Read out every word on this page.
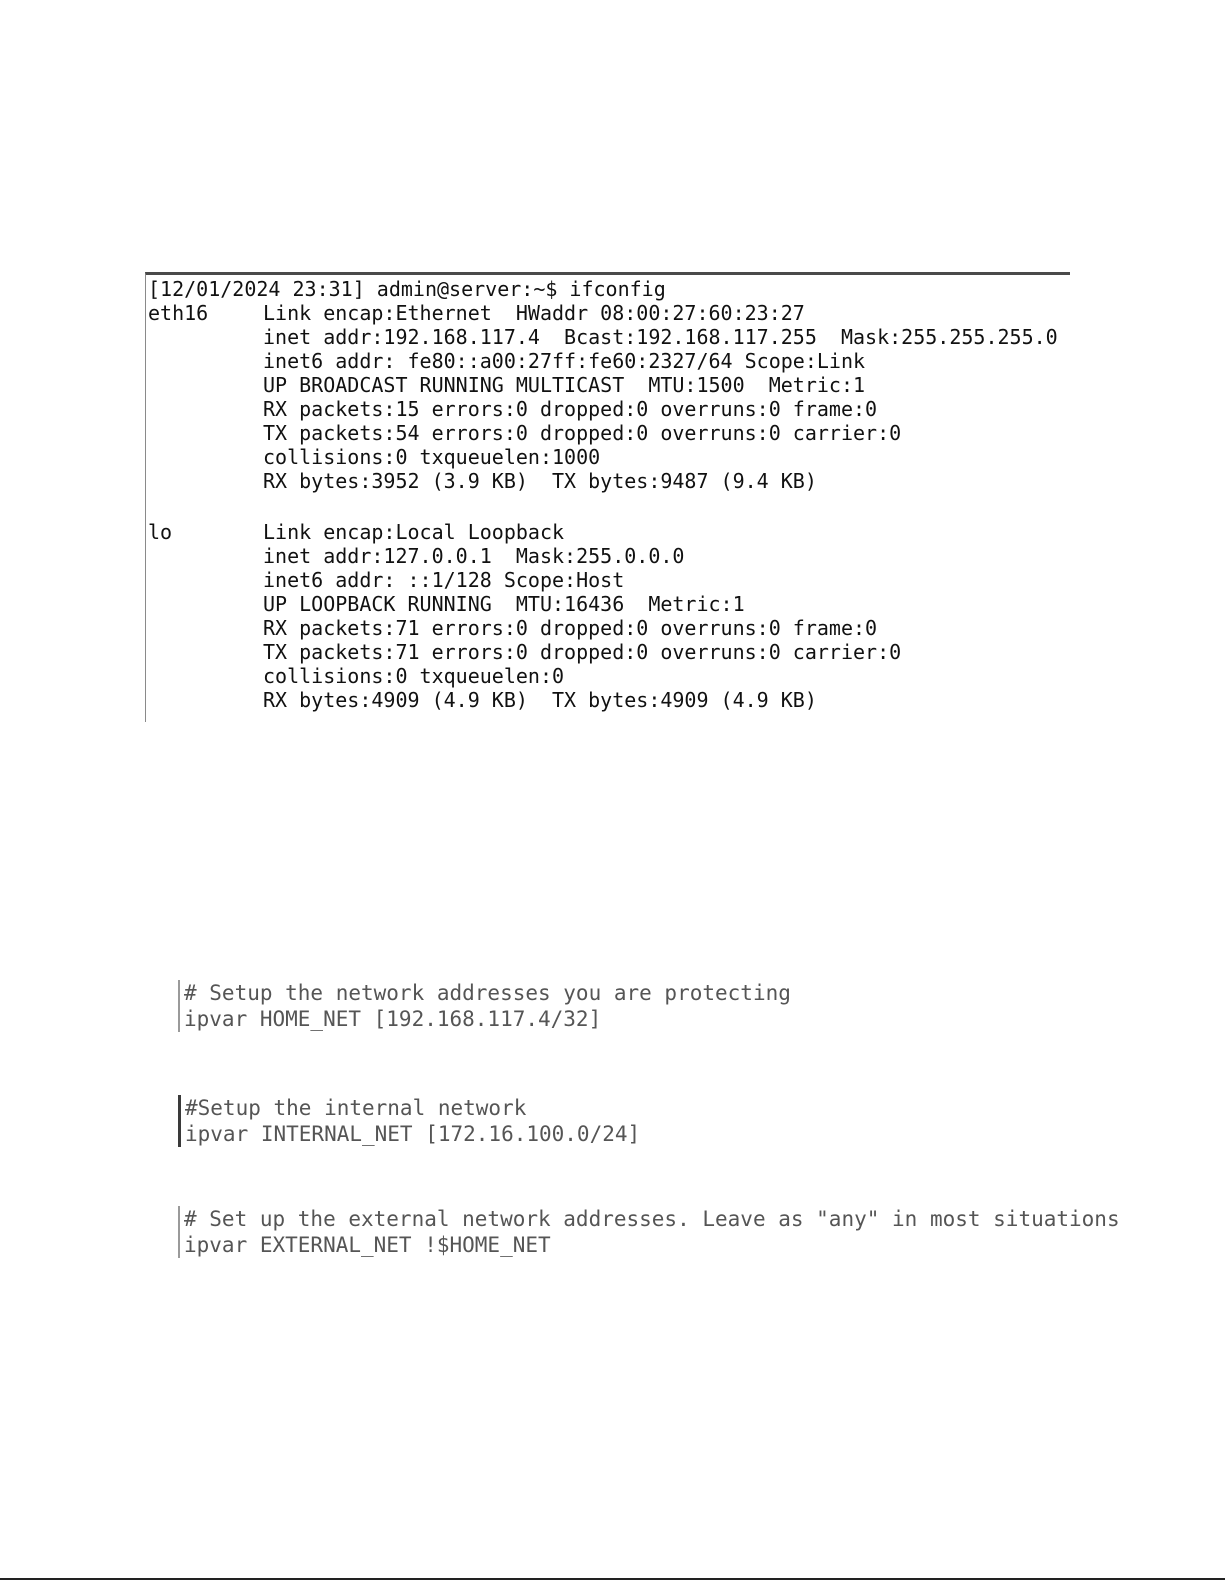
[12/01/2024 23:31] admin@server:~$ ifconfig
eth16	Link encap:Ethernet  HWaddr 08:00:27:60:23:27
inet addr:192.168.117.4  Bcast:192.168.117.255  Mask:255.255.255.0
inet6 addr: fe80::a00:27ff:fe60:2327/64 Scope:Link
UP BROADCAST RUNNING MULTICAST  MTU:1500  Metric:1
RX packets:15 errors:0 dropped:0 overruns:0 frame:0
TX packets:54 errors:0 dropped:0 overruns:0 carrier:0
collisions:0 txqueuelen:1000
RX bytes:3952 (3.9 KB)  TX bytes:9487 (9.4 KB)
lo	Link encap:Local Loopback
inet addr:127.0.0.1  Mask:255.0.0.0
inet6 addr: ::1/128 Scope:Host
UP LOOPBACK RUNNING  MTU:16436  Metric:1
RX packets:71 errors:0 dropped:0 overruns:0 frame:0
TX packets:71 errors:0 dropped:0 overruns:0 carrier:0
collisions:0 txqueuelen:0
RX bytes:4909 (4.9 KB)  TX bytes:4909 (4.9 KB)
# Setup the network addresses you are protecting
ipvar HOME_NET [192.168.117.4/32]
#Setup the internal network
ipvar INTERNAL_NET [172.16.100.0/24]
# Set up the external network addresses. Leave as "any" in most situations
ipvar EXTERNAL_NET !$HOME_NET
